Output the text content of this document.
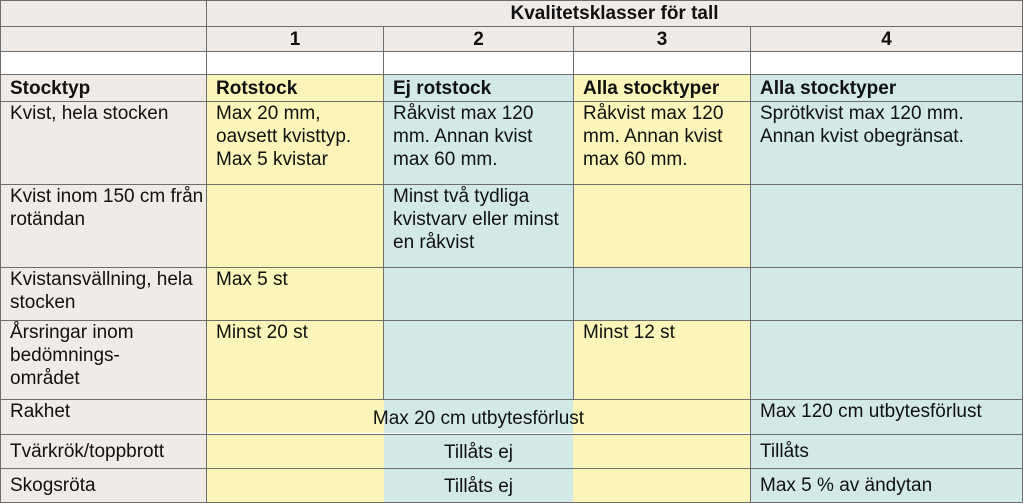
	Kvalitetsklasser för tall			
	1	2	3	4

Stocktyp	Rotstock	Ej rotstock	Alla stocktyper	Alla stocktyper
Kvist, hela stocken	Max 20 mm, oavsett kvisttyp. Max 5 kvistar	Råkvist max 120 mm. Annan kvist max 60 mm.	Råkvist max 120 mm. Annan kvist max 60 mm.	Sprötkvist max 120 mm. Annan kvist obegränsat.
Kvist inom 150 cm från rotändan		Minst två tydliga kvistvarv eller minst en råkvist		
Kvistansvällning, hela stocken	Max 5 st			

Årsringar inom bedömnings-området	Minst 20 st		Minst 12 st	
Rakhet	Max 20 cm utbytesförlust			Max 120 cm utbytesförlust
Tvärkrök/toppbrott	Tillåts ej			Tillåts
Skogsröta	Tillåts ej			Max 5 % av ändytan
